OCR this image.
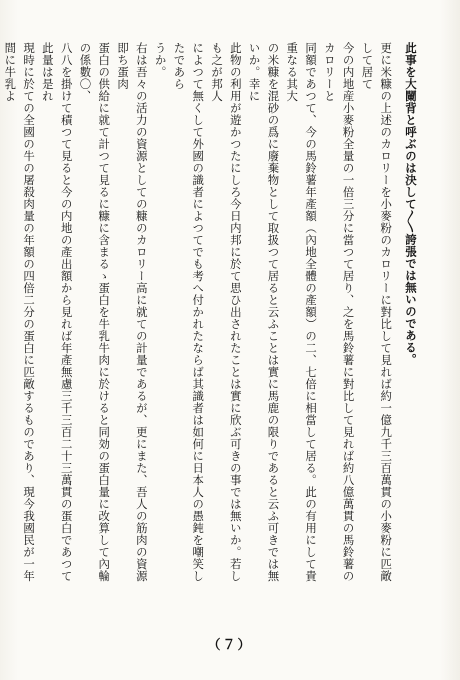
此事を大䦨背と呼ぶのは決して〳〵誇張では無いのである。

更に米糠の上述のカロリーを小麥粉のカロリーに對比して見れば約一億九千三百萬貫の小麥粉に匹敵して居て
今の内地産小麥粉全量の一倍三分に當つて居り、之を馬鈴薯に對比して見れば約八億萬貫の馬鈴薯のカロリーと
同額であつて、今の馬鈴薯年產額（內地全體の產額）の二、七倍に相當して居る。此の有用にして貴重なる其大
の米糠を混砂の爲に廢棄物として取扱つて居ると云ふことは實に馬鹿の限りであると云ふ可きでは無いか。幸に
此物の利用が遊かつたにしろ今日内邦に於て思ひ出されたことは實に欣ぶ可きの事では無いか。若しも之が邦人
によつて無くして外國の識者によつてでも考へ付かれたならば其識者は如何に日本人の愚鈍を嘲笑したであら
うか。

右は吾々の活力の資源としての糠のカロリー高に就ての計量であるが、更にまた、吾人の筋肉の資源即ち蛋肉
蛋白の供給に就て計つて見るに糠に含まるゝ蛋白を牛乳牛肉に於けると同効の蛋白量に改算して內輪の係數〇、
八八を掛けて積つて見ると今の内地の產出額から見れば年產無慮三千三百二十三萬貫の蛋白であつて此量は是れ
現時に於ての全國の牛の屠殺肉量の年額の四倍二分の蛋白に匹敵するものであり、現今我國民が一年間に牛乳よ

（７）
